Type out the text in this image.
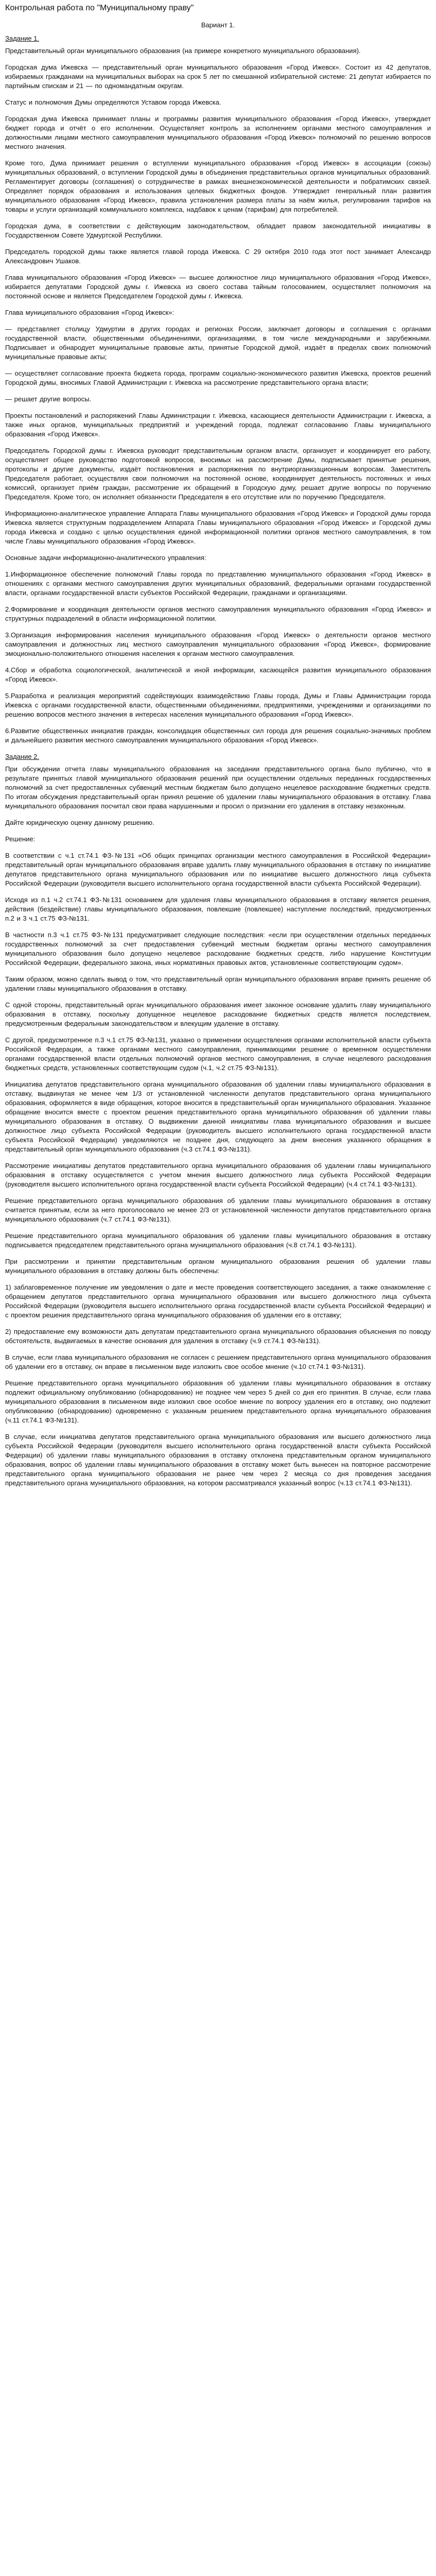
Контрольная работа по "Муниципальному праву"
Вариант 1.
Задание 1.

Представительный орган муниципального образования (на примере конкретного муниципального образования).

Городская дума Ижевска — представительный орган муниципального образования «Город Ижевск». Состоит из 42 депутатов, избираемых гражданами на муниципальных выборах на срок 5 лет по смешанной избирательной системе: 21 депутат избирается по партийным спискам и 21 — по одномандатным округам.

Статус и полномочия Думы определяются Уставом города Ижевска.

Городская дума Ижевска принимает планы и программы развития муниципального образования «Город Ижевск», утверждает бюджет города и отчёт о его исполнении. Осуществляет контроль за исполнением органами местного самоуправления и должностными лицами местного самоуправления муниципального образования «Город Ижевск» полномочий по решению вопросов местного значения.

Кроме того, Дума принимает решения о вступлении муниципального образования «Город Ижевск» в ассоциации (союзы) муниципальных образований, о вступлении Городской думы в объединения представительных органов муниципальных образований. Регламентирует договоры (соглашения) о сотрудничестве в рамках внешнеэкономической деятельности и побратимских связей. Определяет порядок образования и использования целевых бюджетных фондов. Утверждает генеральный план развития муниципального образования «Город Ижевск», правила установления размера платы за наём жилья, регулирования тарифов на товары и услуги организаций коммунального комплекса, надбавок к ценам (тарифам) для потребителей.

Городская дума, в соответствии с действующим законодательством, обладает правом законодательной инициативы в Государственном Совете Удмуртской Республики.

Председатель городской думы также является главой города Ижевска. С 29 октября 2010 года этот пост занимает Александр Александрович Ушаков.

Глава муниципального образования «Город Ижевск» — высшее должностное лицо муниципального образования «Город Ижевск», избирается депутатами Городской думы г. Ижевска из своего состава тайным голосованием, осуществляет полномочия на постоянной основе и является Председателем Городской думы г. Ижевска.

Глава муниципального образования «Город Ижевск»:

— представляет столицу Удмуртии в других городах и регионах России, заключает договоры и соглашения с органами государственной власти, общественными объединениями, организациями, в том числе международными и зарубежными. Подписывает и обнародует муниципальные правовые акты, принятые Городской думой, издаёт в пределах своих полномочий муниципальные правовые акты;

— осуществляет согласование проекта бюджета города, программ социально-экономического развития Ижевска, проектов решений Городской думы, вносимых Главой Администрации г. Ижевска на рассмотрение представительного органа власти;

— решает другие вопросы.

Проекты постановлений и распоряжений Главы Администрации г. Ижевска, касающиеся деятельности Администрации г. Ижевска, а также иных органов, муниципальных предприятий и учреждений города, подлежат согласованию Главы муниципального образования «Город Ижевск».

Председатель Городской думы г. Ижевска руководит представительным органом власти, организует и координирует его работу, осуществляет общее руководство подготовкой вопросов, вносимых на рассмотрение Думы, подписывает принятые решения, протоколы и другие документы, издаёт постановления и распоряжения по внутриорганизационным вопросам. Заместитель Председателя работает, осуществляя свои полномочия на постоянной основе, координирует деятельность постоянных и иных комиссий, организует приём граждан, рассмотрение их обращений в Городскую думу, решает другие вопросы по поручению Председателя. Кроме того, он исполняет обязанности Председателя в его отсутствие или по поручению Председателя.

Информационно-аналитическое управление Аппарата Главы муниципального образования «Город Ижевск» и Городской думы города Ижевска является структурным подразделением Аппарата Главы муниципального образования «Город Ижевск» и Городской думы города Ижевска и создано с целью осуществления единой информационной политики органов местного самоуправления, в том числе Главы муниципального образования «Город Ижевск».

Основные задачи информационно-аналитического управления:

1.Информационное обеспечение полномочий Главы города по представлению муниципального образования «Город Ижевск» в отношениях с органами местного самоуправления других муниципальных образований, федеральными органами государственной власти, органами государственной власти субъектов Российской Федерации, гражданами и организациями.

2.Формирование и координация деятельности органов местного самоуправления муниципального образования «Город Ижевск» и структурных подразделений в области информационной политики.

3.Организация информирования населения муниципального образования «Город Ижевск» о деятельности органов местного самоуправления и должностных лиц местного самоуправления муниципального образования «Город Ижевск», формирование эмоционально-положительного отношения населения к органам местного самоуправления.

4.Сбор и обработка социологической, аналитической и иной информации, касающейся развития муниципального образования «Город Ижевск».

5.Разработка и реализация мероприятий содействующих взаимодействию Главы города, Думы и Главы Администрации города Ижевска с органами государственной власти, общественными объединениями, предприятиями, учреждениями и организациями по решению вопросов местного значения в интересах населения муниципального образования «Город Ижевск».

6.Развитие общественных инициатив граждан, консолидация общественных сил города для решения социально-значимых проблем и дальнейшего развития местного самоуправления муниципального образования «Город Ижевск».

Задание 2.

При обсуждении отчета главы муниципального образования на заседании представительного органа было публично, что в результате принятых главой муниципального образования решений при осуществлении отдельных переданных государственных полномочий за счет предоставленных субвенций местным бюджетам было допущено нецелевое расходование бюджетных средств. По итогам обсуждения представительный орган принял решение об удалении главы муниципального образования в отставку. Глава муниципального образования посчитал свои права нарушенными и просил о признании его удаления в отставку незаконным.

Дайте юридическую оценку данному решению.

Решение:

В соответствии с ч.1 ст.74.1 ФЗ-№131 «Об общих принципах организации местного самоуправления в Российской Федерации» представительный орган муниципального образования вправе удалить главу муниципального образования в отставку по инициативе депутатов представительного органа муниципального образования или по инициативе высшего должностного лица субъекта Российской Федерации (руководителя высшего исполнительного органа государственной власти субъекта Российской Федерации).

Исходя из п.1 ч.2 ст.74.1 ФЗ-№131 основанием для удаления главы муниципального образования в отставку является решения, действия (бездействие) главы муниципального образования, повлекшие (повлекшее) наступление последствий, предусмотренных п.2 и 3 ч.1 ст.75 ФЗ-№131.

В частности п.3 ч.1 ст.75 ФЗ-№131 предусматривает следующие последствия: «если при осуществлении отдельных переданных государственных полномочий за счет предоставления субвенций местным бюджетам органы местного самоуправления муниципального образования было допущено нецелевое расходование бюджетных средств, либо нарушение Конституции Российской Федерации, федерального закона, иных нормативных правовых актов, установленные соответствующим судом».

Таким образом, можно сделать вывод о том, что представительный орган муниципального образования вправе принять решение об удалении главы муниципального образования в отставку.

С одной стороны, представительный орган муниципального образования имеет законное основание удалить главу муниципального образования в отставку, поскольку допущенное нецелевое расходование бюджетных средств является последствием, предусмотренным федеральным законодательством и влекущим удаление в отставку.

С другой, предусмотренное п.3 ч.1 ст.75 ФЗ-№131, указано о применении осуществления органами исполнительной власти субъекта Российской Федерации, а также органами местного самоуправления, принимающими решение о временном осуществлении органами государственной власти отдельных полномочий органов местного самоуправления, в случае нецелевого расходования бюджетных средств, установленных соответствующим судом (ч.1, ч.2 ст.75 ФЗ-№131).

Инициатива депутатов представительного органа муниципального образования об удалении главы муниципального образования в отставку, выдвинутая не менее чем 1/3 от установленной численности депутатов представительного органа муниципального образования, оформляется в виде обращения, которое вносится в представительный орган муниципального образования. Указанное обращение вносится вместе с проектом решения представительного органа муниципального образования об удалении главы муниципального образования в отставку. О выдвижении данной инициативы глава муниципального образования и высшее должностное лицо субъекта Российской Федерации (руководитель высшего исполнительного органа государственной власти субъекта Российской Федерации) уведомляются не позднее дня, следующего за днем внесения указанного обращения в представительный орган муниципального образования (ч.3 ст.74.1 ФЗ-№131).

Рассмотрение инициативы депутатов представительного органа муниципального образования об удалении главы муниципального образования в отставку осуществляется с учетом мнения высшего должностного лица субъекта Российской Федерации (руководителя высшего исполнительного органа государственной власти субъекта Российской Федерации) (ч.4 ст.74.1 ФЗ-№131).

Решение представительного органа муниципального образования об удалении главы муниципального образования в отставку считается принятым, если за него проголосовало не менее 2/3 от установленной численности депутатов представительного органа муниципального образования (ч.7 ст.74.1 ФЗ-№131).

Решение представительного органа муниципального образования об удалении главы муниципального образования в отставку подписывается председателем представительного органа муниципального образования (ч.8 ст.74.1 ФЗ-№131).

При рассмотрении и принятии представительным органом муниципального образования решения об удалении главы муниципального образования в отставку должны быть обеспечены:

1) заблаговременное получение им уведомления о дате и месте проведения соответствующего заседания, а также ознакомление с обращением депутатов представительного органа муниципального образования или высшего должностного лица субъекта Российской Федерации (руководителя высшего исполнительного органа государственной власти субъекта Российской Федерации) и с проектом решения представительного органа муниципального образования об удалении его в отставку;

2) предоставление ему возможности дать депутатам представительного органа муниципального образования объяснения по поводу обстоятельств, выдвигаемых в качестве основания для удаления в отставку (ч.9 ст.74.1 ФЗ-№131).

В случае, если глава муниципального образования не согласен с решением представительного органа муниципального образования об удалении его в отставку, он вправе в письменном виде изложить свое особое мнение (ч.10 ст.74.1 ФЗ-№131).

Решение представительного органа муниципального образования об удалении главы муниципального образования в отставку подлежит официальному опубликованию (обнародованию) не позднее чем через 5 дней со дня его принятия. В случае, если глава муниципального образования в письменном виде изложил свое особое мнение по вопросу удаления его в отставку, оно подлежит опубликованию (обнародованию) одновременно с указанным решением представительного органа муниципального образования (ч.11 ст.74.1 ФЗ-№131).

В случае, если инициатива депутатов представительного органа муниципального образования или высшего должностного лица субъекта Российской Федерации (руководителя высшего исполнительного органа государственной власти субъекта Российской Федерации) об удалении главы муниципального образования в отставку отклонена представительным органом муниципального образования, вопрос об удалении главы муниципального образования в отставку может быть вынесен на повторное рассмотрение представительного органа муниципального образования не ранее чем через 2 месяца со дня проведения заседания представительного органа муниципального образования, на котором рассматривался указанный вопрос (ч.13 ст.74.1 ФЗ-№131).
